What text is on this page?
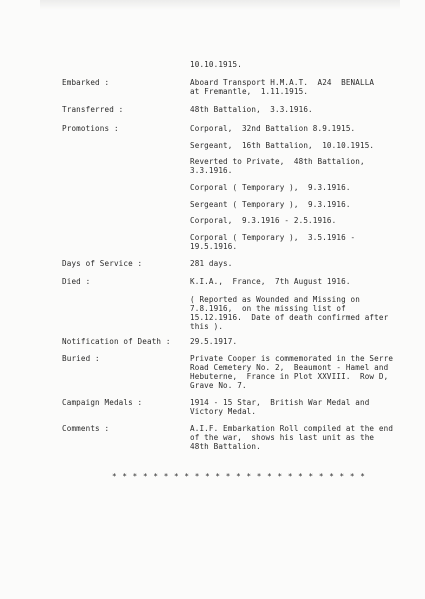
10.10.1915.
Embarked :	Aboard Transport H.M.A.T.  A24  BENALLA
at Fremantle,  1.11.1915.
Transferred :	48th Battalion,  3.3.1916.
Promotions :	Corporal,  32nd Battalion 8.9.1915.
Sergeant,  16th Battalion,  10.10.1915.
Reverted to Private,  48th Battalion,
3.3.1916.
Corporal ( Temporary ),  9.3.1916.
Sergeant ( Temporary ),  9.3.1916.
Corporal,  9.3.1916 - 2.5.1916.
Corporal ( Temporary ),  3.5.1916 -
19.5.1916.
Days of Service :	281 days.
Died :	K.I.A.,  France,  7th August 1916.
( Reported as Wounded and Missing on
7.8.1916,  on the missing list of
15.12.1916.  Date of death confirmed after
this ).
Notification of Death :	29.5.1917.
Buried :	Private Cooper is commemorated in the Serre
Road Cemetery No. 2,  Beaumont - Hamel and
Hebuterne,  France in Plot XXVIII.  Row D,
Grave No. 7.
Campaign Medals :	1914 - 15 Star,  British War Medal and
Victory Medal.
Comments :	A.I.F. Embarkation Roll compiled at the end
of the war,  shows his last unit as the
48th Battalion.
* * * * * * * * * * * * * * * * * * * * * * * * *
